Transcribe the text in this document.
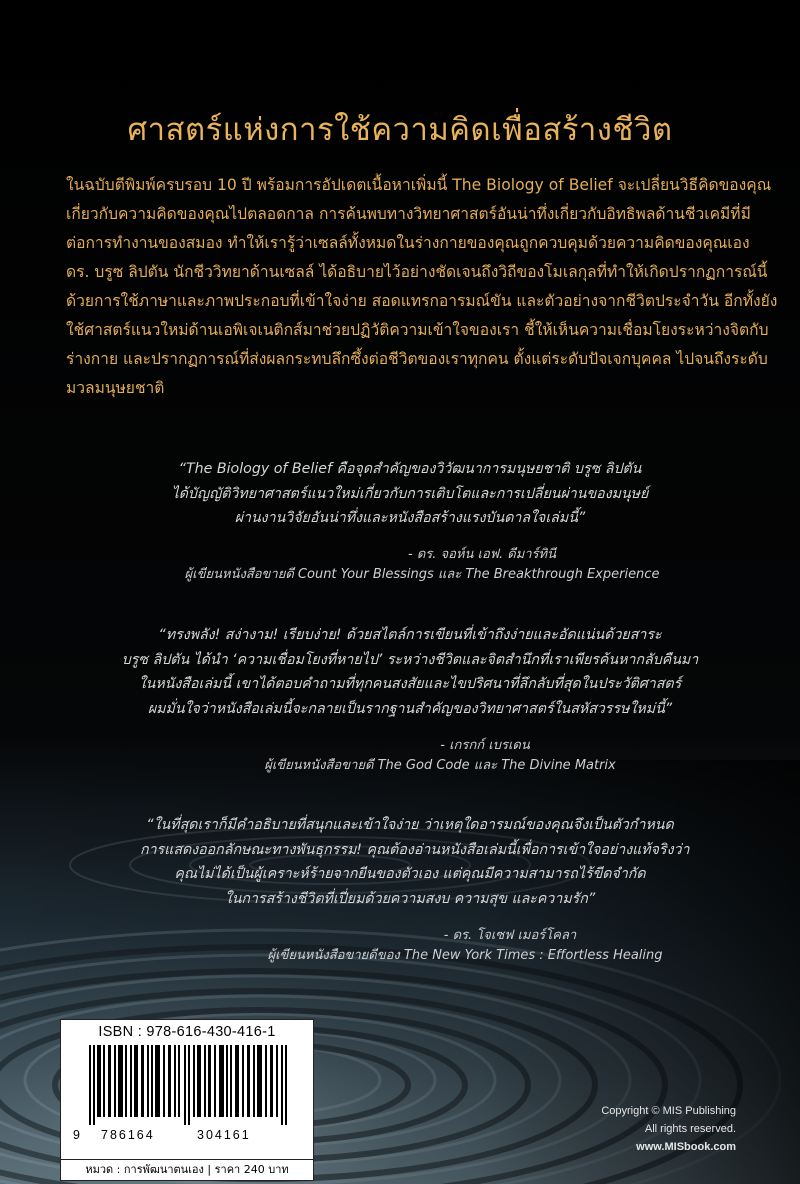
ศาสตร์แห่งการใช้ความคิดเพื่อสร้างชีวิต
ในฉบับตีพิมพ์ครบรอบ 10 ปี พร้อมการอัปเดตเนื้อหาเพิ่มนี้ The Biology of Belief จะเปลี่ยนวิธีคิดของคุณ
เกี่ยวกับความคิดของคุณไปตลอดกาล การค้นพบทางวิทยาศาสตร์อันน่าทึ่งเกี่ยวกับอิทธิพลด้านชีวเคมีที่มี
ต่อการทำงานของสมอง ทำให้เรารู้ว่าเซลล์ทั้งหมดในร่างกายของคุณถูกควบคุมด้วยความคิดของคุณเอง
ดร. บรูซ ลิปตัน นักชีววิทยาด้านเซลล์ ได้อธิบายไว้อย่างชัดเจนถึงวิถีของโมเลกุลที่ทำให้เกิดปรากฏการณ์นี้
ด้วยการใช้ภาษาและภาพประกอบที่เข้าใจง่าย สอดแทรกอารมณ์ขัน และตัวอย่างจากชีวิตประจำวัน อีกทั้งยัง
ใช้ศาสตร์แนวใหม่ด้านเอพิเจเนติกส์มาช่วยปฏิวัติความเข้าใจของเรา ชี้ให้เห็นความเชื่อมโยงระหว่างจิตกับ
ร่างกาย และปรากฏการณ์ที่ส่งผลกระทบลึกซึ้งต่อชีวิตของเราทุกคน ตั้งแต่ระดับปัจเจกบุคคล ไปจนถึงระดับ
มวลมนุษยชาติ
“The Biology of Belief คือจุดสำคัญของวิวัฒนาการมนุษยชาติ บรูซ ลิปตัน
ได้บัญญัติวิทยาศาสตร์แนวใหม่เกี่ยวกับการเติบโตและการเปลี่ยนผ่านของมนุษย์
ผ่านงานวิจัยอันน่าทึ่งและหนังสือสร้างแรงบันดาลใจเล่มนี้”
- ดร. จอห์น เอฟ. ดีมาร์ทินี
ผู้เขียนหนังสือขายดี Count Your Blessings และ The Breakthrough Experience
“ทรงพลัง! สง่างาม! เรียบง่าย! ด้วยสไตล์การเขียนที่เข้าถึงง่ายและอัดแน่นด้วยสาระ
บรูซ ลิปตัน ได้นำ ‘ความเชื่อมโยงที่หายไป’ ระหว่างชีวิตและจิตสำนึกที่เราเพียรค้นหากลับคืนมา
ในหนังสือเล่มนี้ เขาได้ตอบคำถามที่ทุกคนสงสัยและไขปริศนาที่ลึกลับที่สุดในประวัติศาสตร์
ผมมั่นใจว่าหนังสือเล่มนี้จะกลายเป็นรากฐานสำคัญของวิทยาศาสตร์ในสหัสวรรษใหม่นี้”
- เกรกก์ เบรเดน
ผู้เขียนหนังสือขายดี The God Code และ The Divine Matrix
“ในที่สุดเราก็มีคำอธิบายที่สนุกและเข้าใจง่าย ว่าเหตุใดอารมณ์ของคุณจึงเป็นตัวกำหนด
การแสดงออกลักษณะทางพันธุกรรม! คุณต้องอ่านหนังสือเล่มนี้เพื่อการเข้าใจอย่างแท้จริงว่า
คุณไม่ได้เป็นผู้เคราะห์ร้ายจากยีนของตัวเอง แต่คุณมีความสามารถไร้ขีดจำกัด
ในการสร้างชีวิตที่เปี่ยมด้วยความสงบ ความสุข และความรัก”
- ดร. โจเซฟ เมอร์โคลา
ผู้เขียนหนังสือขายดีของ The New York Times : Effortless Healing
ISBN : 978-616-430-416-1
9 786164	304161
หมวด : การพัฒนาตนเอง | ราคา 240 บาท
Copyright © MIS Publishing
All rights reserved.
www.MISbook.com
